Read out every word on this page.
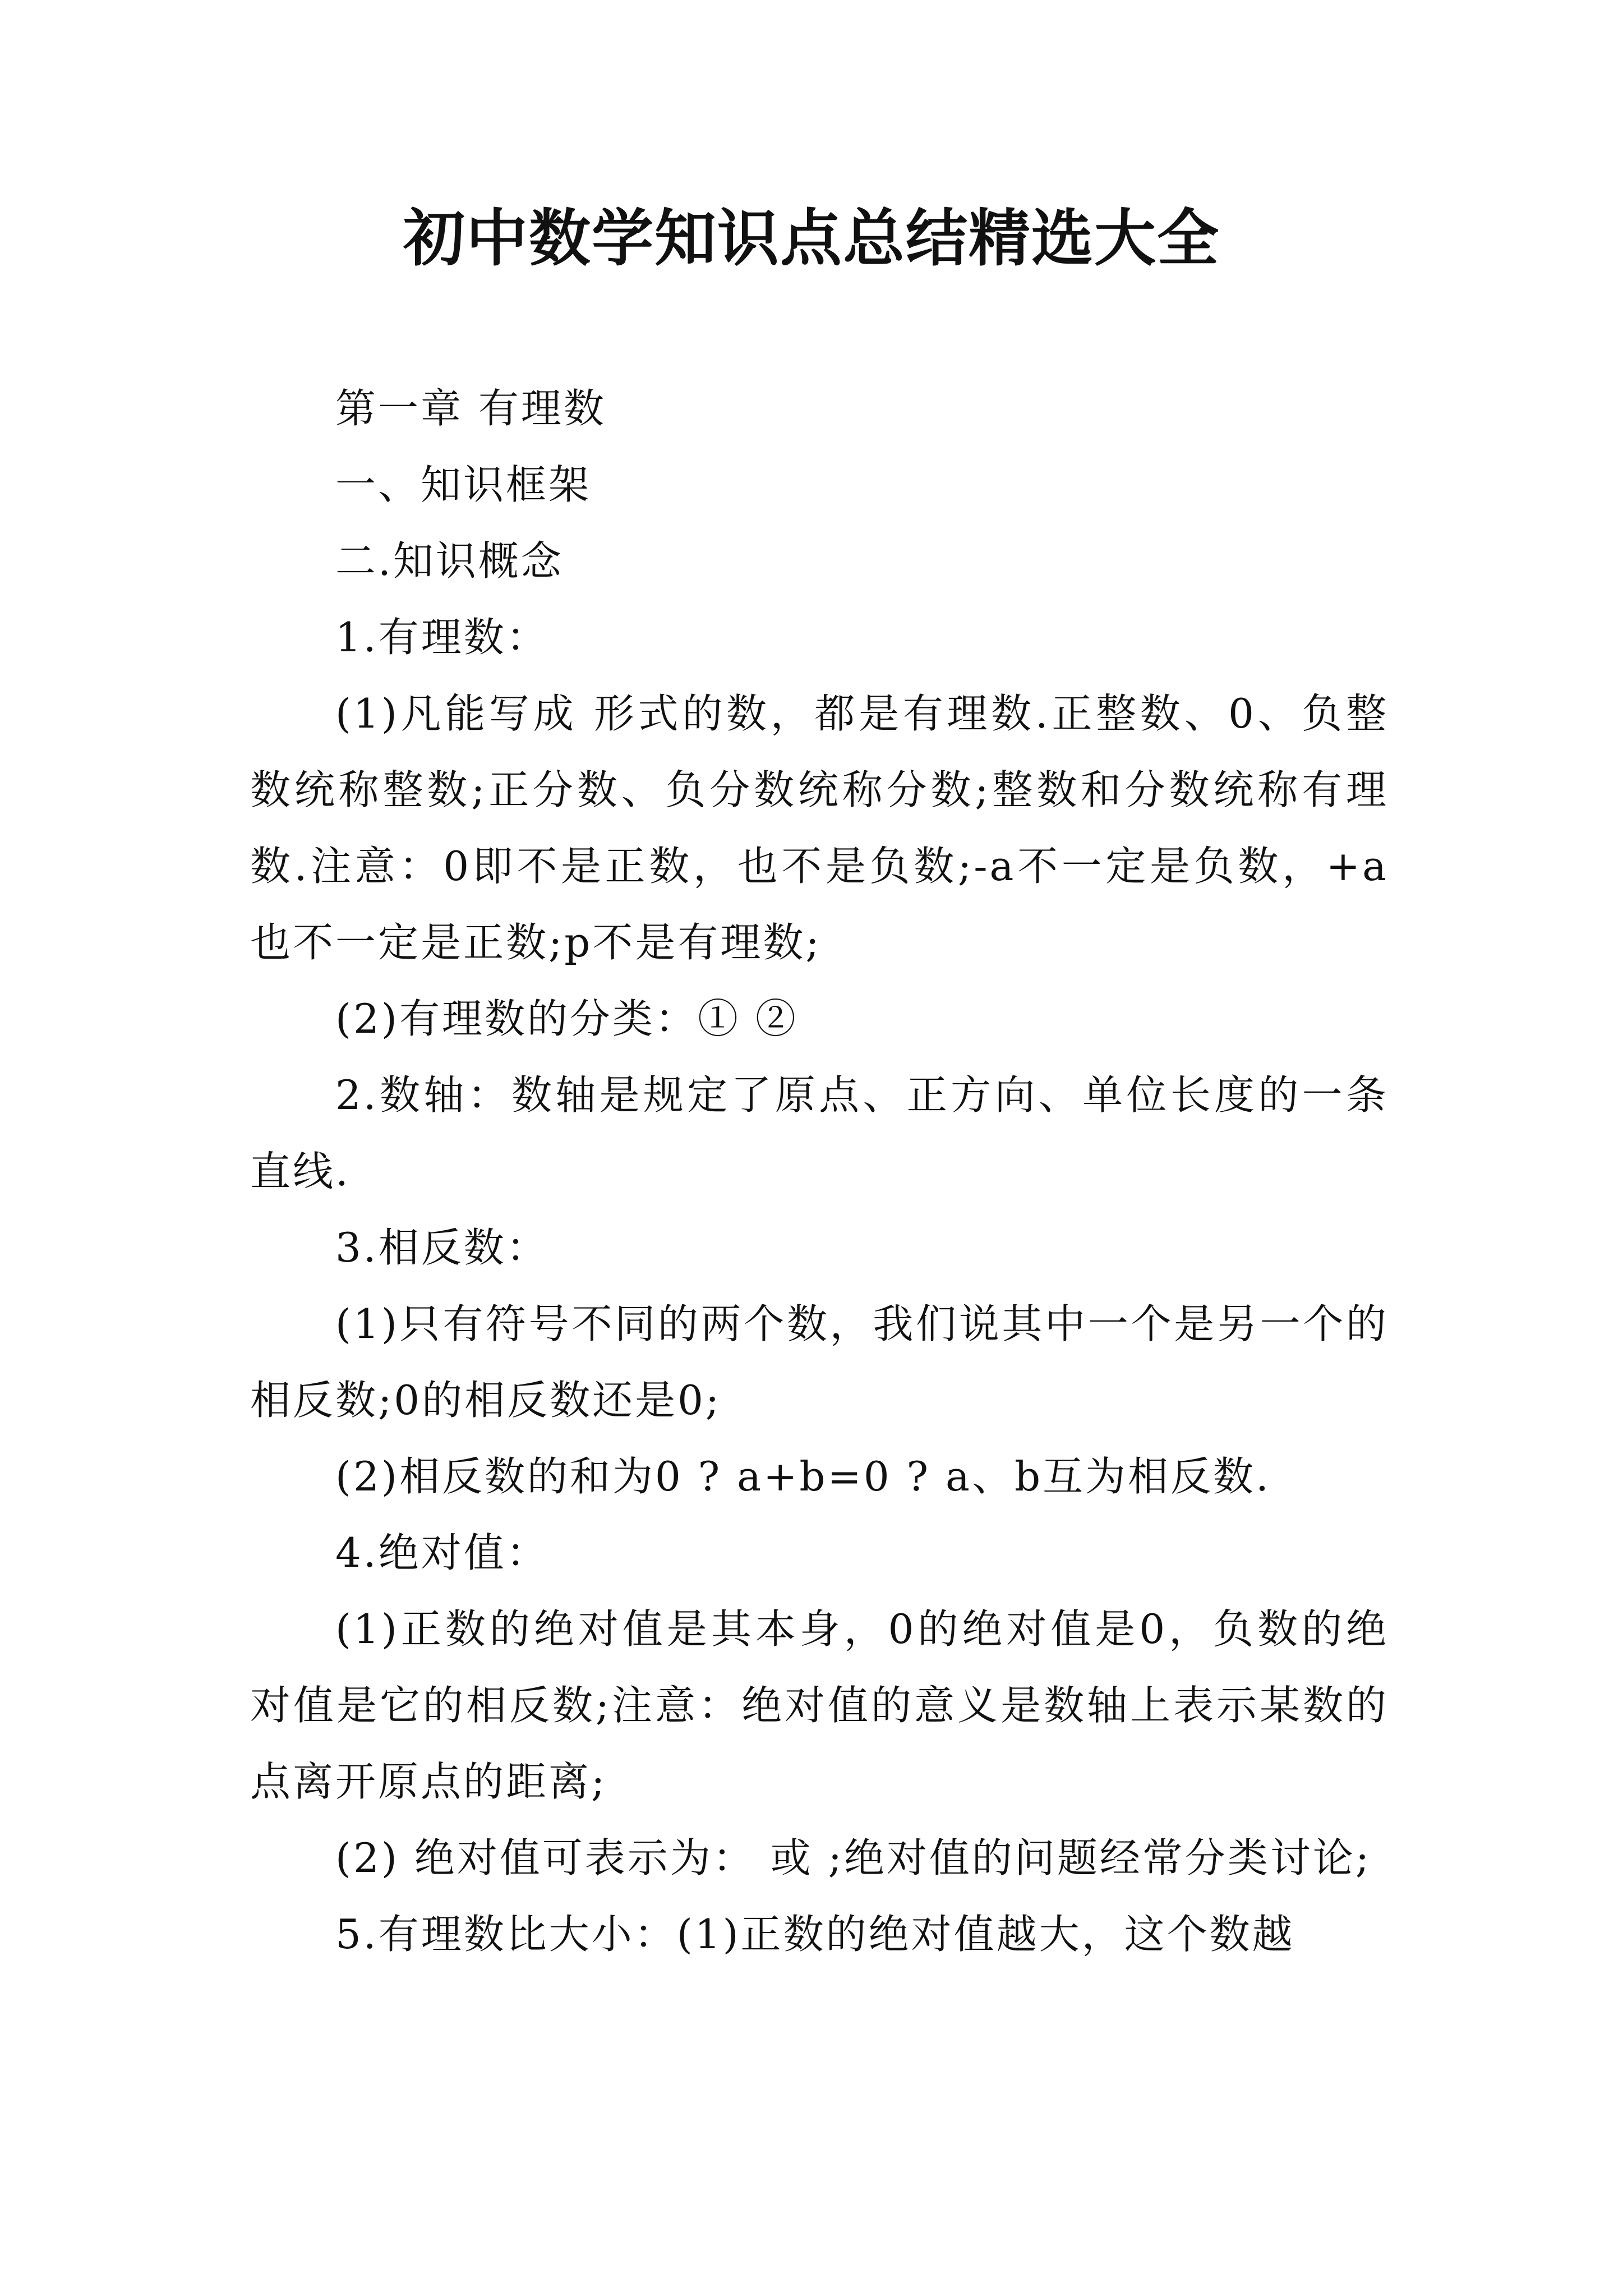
初中数学知识点总结精选大全

第一章 有理数

一、知识框架

二.知识概念

1.有理数：

(1)凡能写成 形式的数，都是有理数.正整数、0、负整数统称整数;正分数、负分数统称分数;整数和分数统称有理数.注意：0即不是正数，也不是负数;-a不一定是负数，+a也不一定是正数;p不是有理数;

(2)有理数的分类：① ②

2.数轴：数轴是规定了原点、正方向、单位长度的一条直线.

3.相反数：

(1)只有符号不同的两个数，我们说其中一个是另一个的相反数;0的相反数还是0;

(2)相反数的和为0 ? a+b=0 ? a、b互为相反数.

4.绝对值：

(1)正数的绝对值是其本身，0的绝对值是0，负数的绝对值是它的相反数;注意：绝对值的意义是数轴上表示某数的点离开原点的距离;

(2) 绝对值可表示为： 或 ;绝对值的问题经常分类讨论;

5.有理数比大小：(1)正数的绝对值越大，这个数越
